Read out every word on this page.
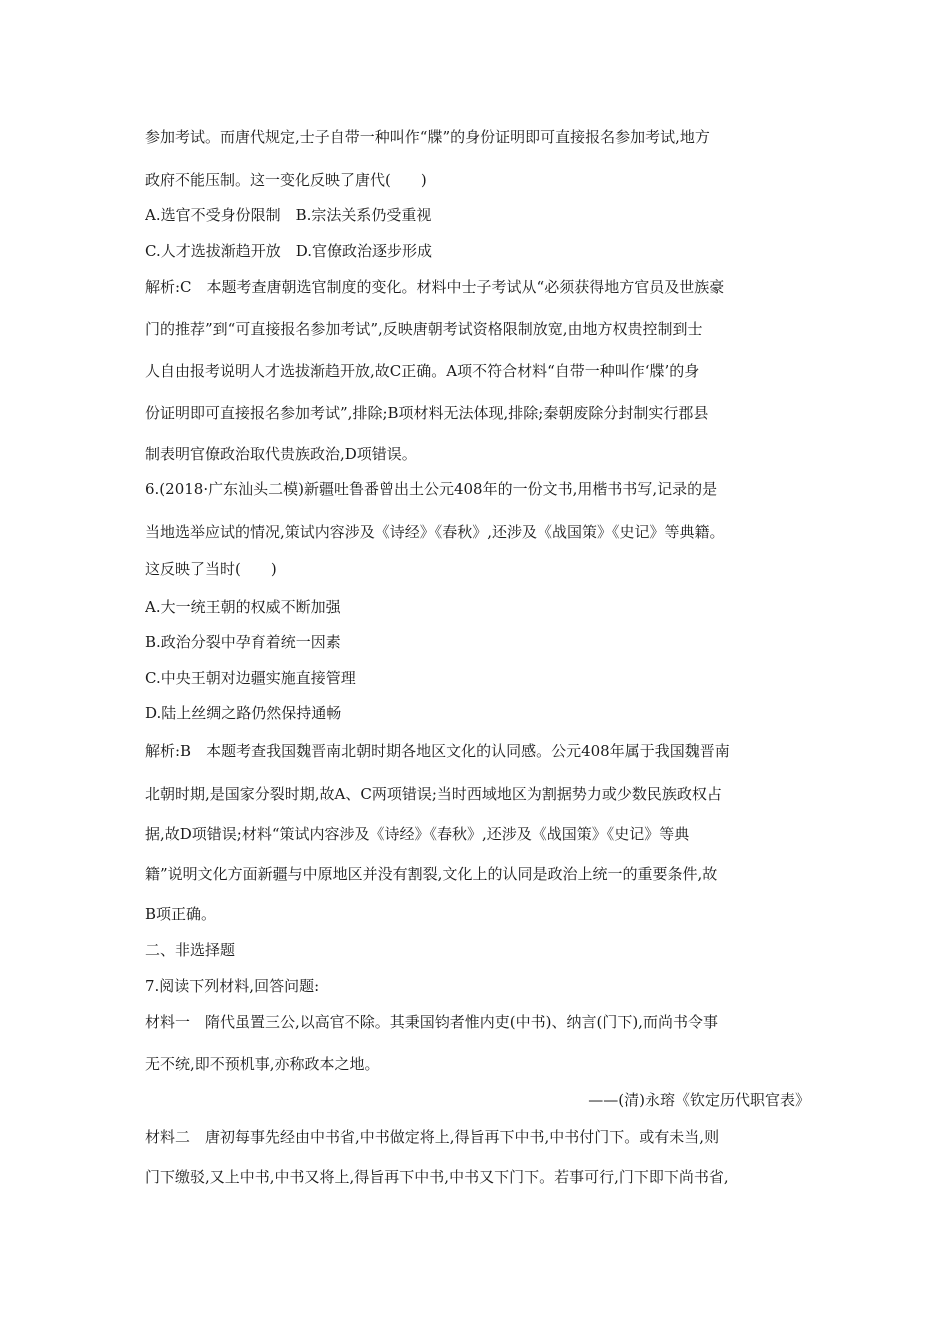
参加考试。而唐代规定,士子自带一种叫作“牒”的身份证明即可直接报名参加考试,地方
政府不能压制。这一变化反映了唐代(　　)
A.选官不受身份限制　B.宗法关系仍受重视
C.人才选拔渐趋开放　D.官僚政治逐步形成
解析:C　本题考查唐朝选官制度的变化。材料中士子考试从“必须获得地方官员及世族豪
门的推荐”到“可直接报名参加考试”,反映唐朝考试资格限制放宽,由地方权贵控制到士
人自由报考说明人才选拔渐趋开放,故C正确。A项不符合材料“自带一种叫作‘牒’的身
份证明即可直接报名参加考试”,排除;B项材料无法体现,排除;秦朝废除分封制实行郡县
制表明官僚政治取代贵族政治,D项错误。
6.(2018·广东汕头二模)新疆吐鲁番曾出土公元408年的一份文书,用楷书书写,记录的是
当地选举应试的情况,策试内容涉及《诗经》《春秋》,还涉及《战国策》《史记》等典籍。
这反映了当时(　　)
A.大一统王朝的权威不断加强
B.政治分裂中孕育着统一因素
C.中央王朝对边疆实施直接管理
D.陆上丝绸之路仍然保持通畅
解析:B　本题考查我国魏晋南北朝时期各地区文化的认同感。公元408年属于我国魏晋南
北朝时期,是国家分裂时期,故A、C两项错误;当时西域地区为割据势力或少数民族政权占
据,故D项错误;材料“策试内容涉及《诗经》《春秋》,还涉及《战国策》《史记》等典
籍”说明文化方面新疆与中原地区并没有割裂,文化上的认同是政治上统一的重要条件,故
B项正确。
二、非选择题
7.阅读下列材料,回答问题:
材料一　隋代虽置三公,以高官不除。其秉国钧者惟内吏(中书)、纳言(门下),而尚书令事
无不统,即不预机事,亦称政本之地。
——(清)永瑢《钦定历代职官表》
材料二　唐初每事先经由中书省,中书做定将上,得旨再下中书,中书付门下。或有未当,则
门下缴驳,又上中书,中书又将上,得旨再下中书,中书又下门下。若事可行,门下即下尚书省,
